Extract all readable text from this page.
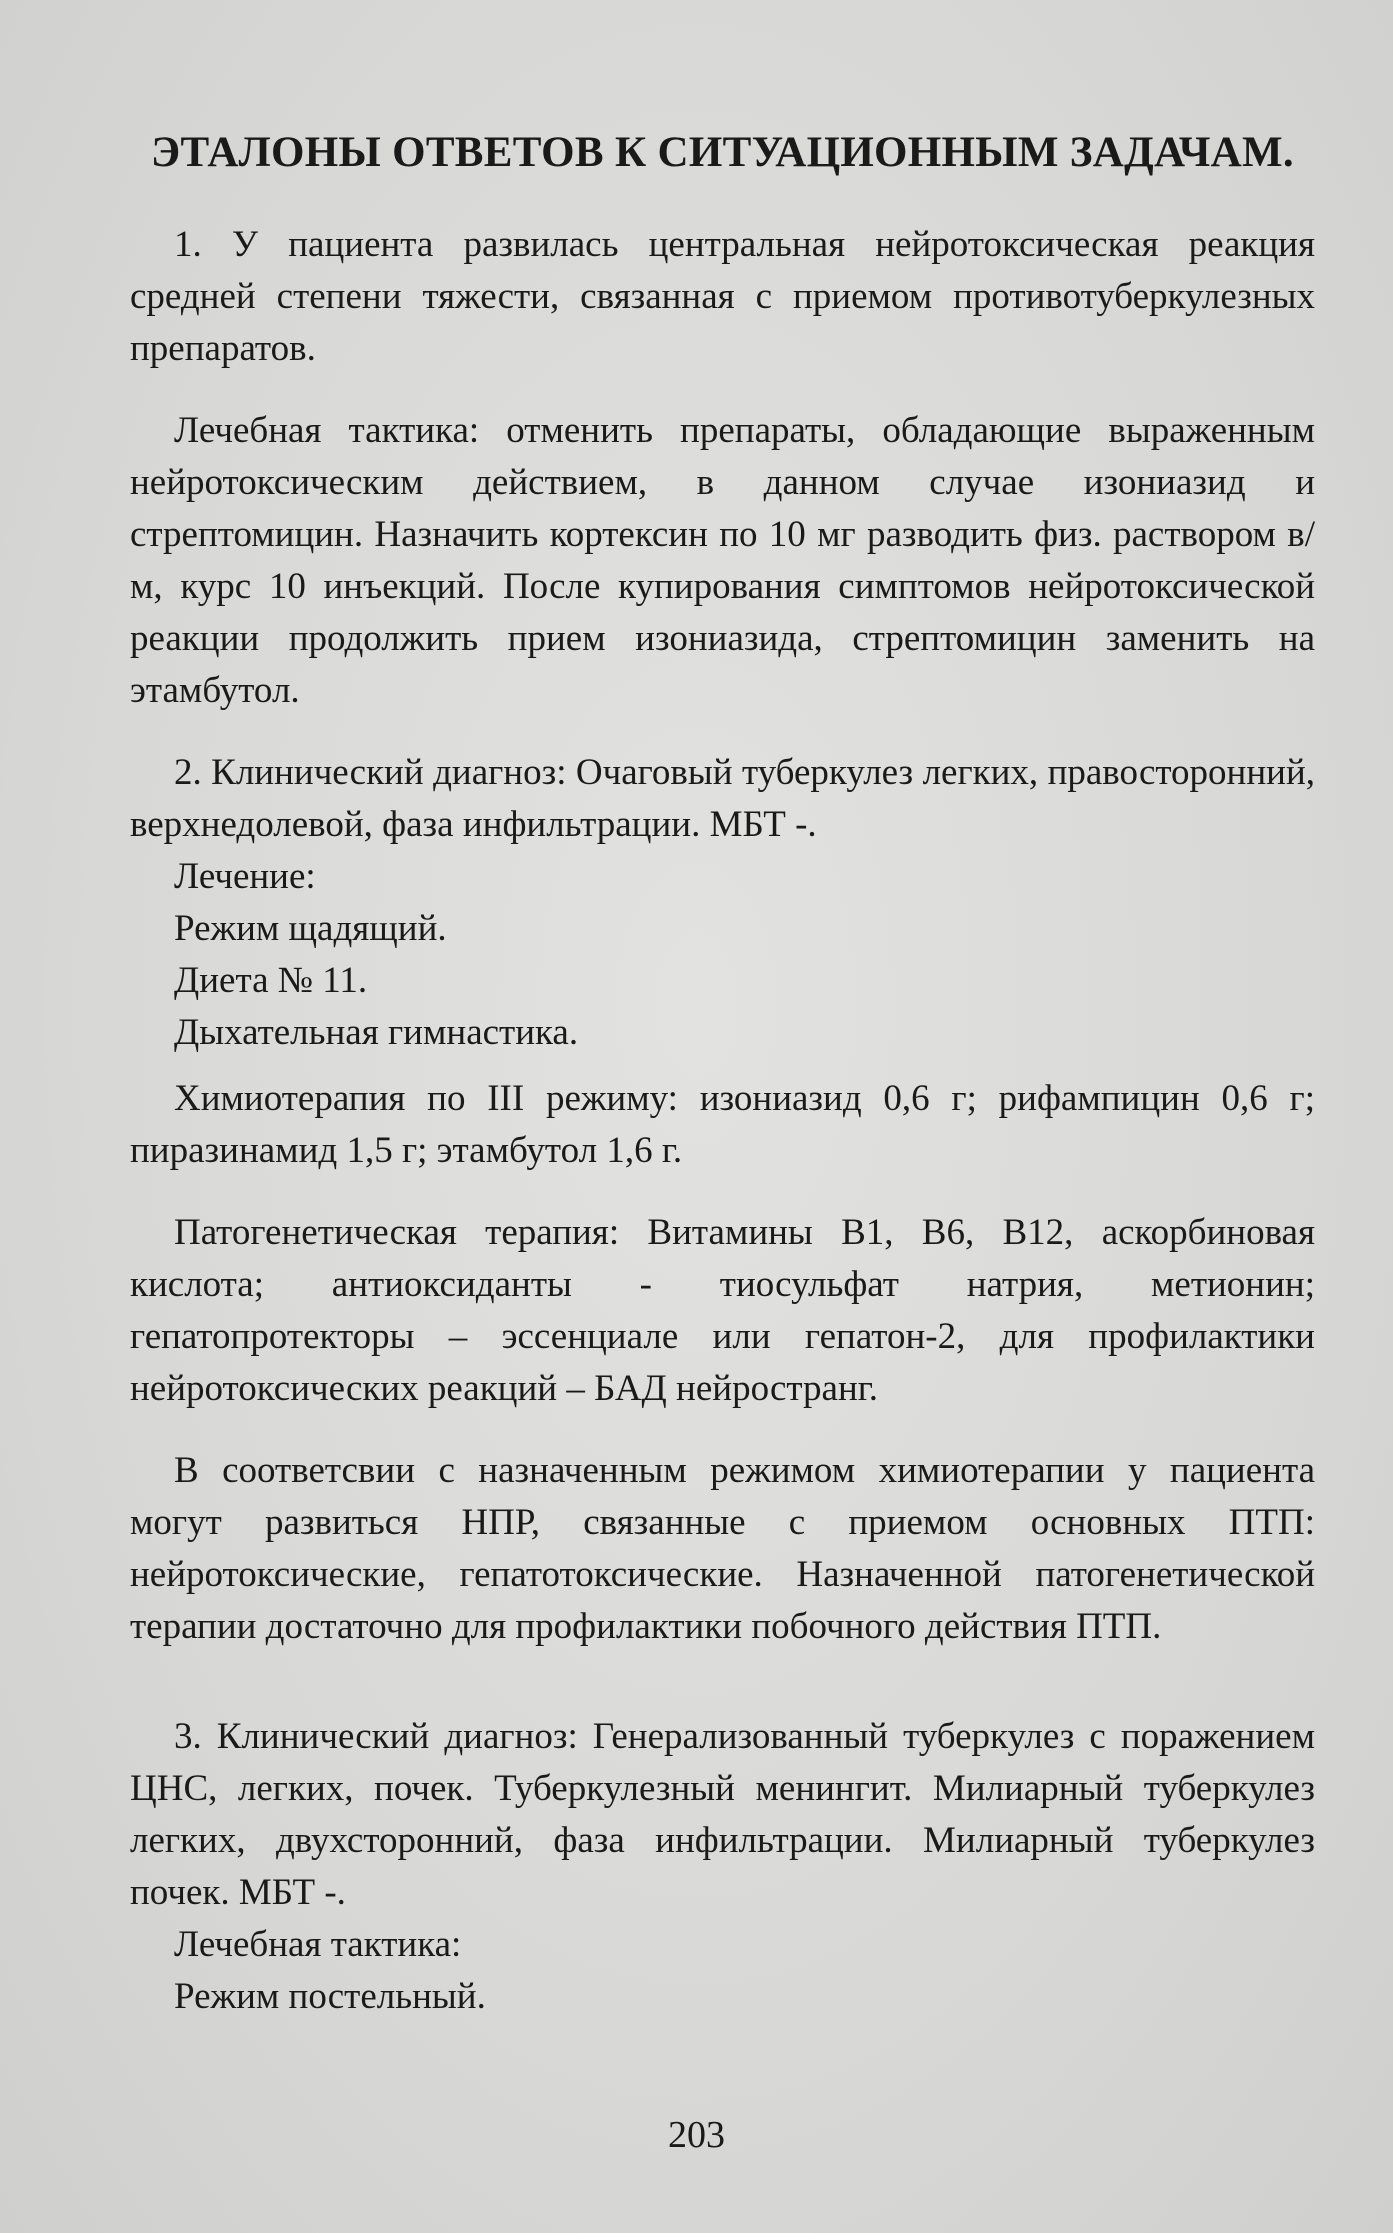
ЭТАЛОНЫ ОТВЕТОВ К СИТУАЦИОННЫМ ЗАДАЧАМ.

1. У пациента развилась центральная нейротоксическая реакция средней степени тяжести, связанная с приемом противотуберкулезных препаратов.

Лечебная тактика: отменить препараты, обладающие выраженным нейротоксическим действием, в данном случае изониазид и стрептомицин. Назначить кортексин по 10 мг разводить физ. раствором в/м, курс 10 инъекций. После купирования симптомов нейротоксической реакции продолжить прием изониазида, стрептомицин заменить на этамбутол.

2. Клинический диагноз: Очаговый туберкулез легких, правосторонний, верхнедолевой, фаза инфильтрации. МБТ -.

Лечение:

Режим щадящий.

Диета № 11.

Дыхательная гимнастика.

Химиотерапия по III режиму: изониазид 0,6 г; рифампицин 0,6 г; пиразинамид 1,5 г; этамбутол 1,6 г.

Патогенетическая терапия: Витамины В1, В6, В12, аскорбиновая кислота; антиоксиданты - тиосульфат натрия, метионин; гепатопротекторы – эссенциале или гепатон-2, для профилактики нейротоксических реакций – БАД нейространг.

В соответсвии с назначенным режимом химиотерапии у пациента могут развиться НПР, связанные с приемом основных ПТП: нейротоксические, гепатотоксические. Назначенной патогенетической терапии достаточно для профилактики побочного действия ПТП.

3. Клинический диагноз: Генерализованный туберкулез с поражением ЦНС, легких, почек. Туберкулезный менингит. Милиарный туберкулез легких, двухсторонний, фаза инфильтрации. Милиарный туберкулез почек. МБТ -.

Лечебная тактика:

Режим постельный.

203
